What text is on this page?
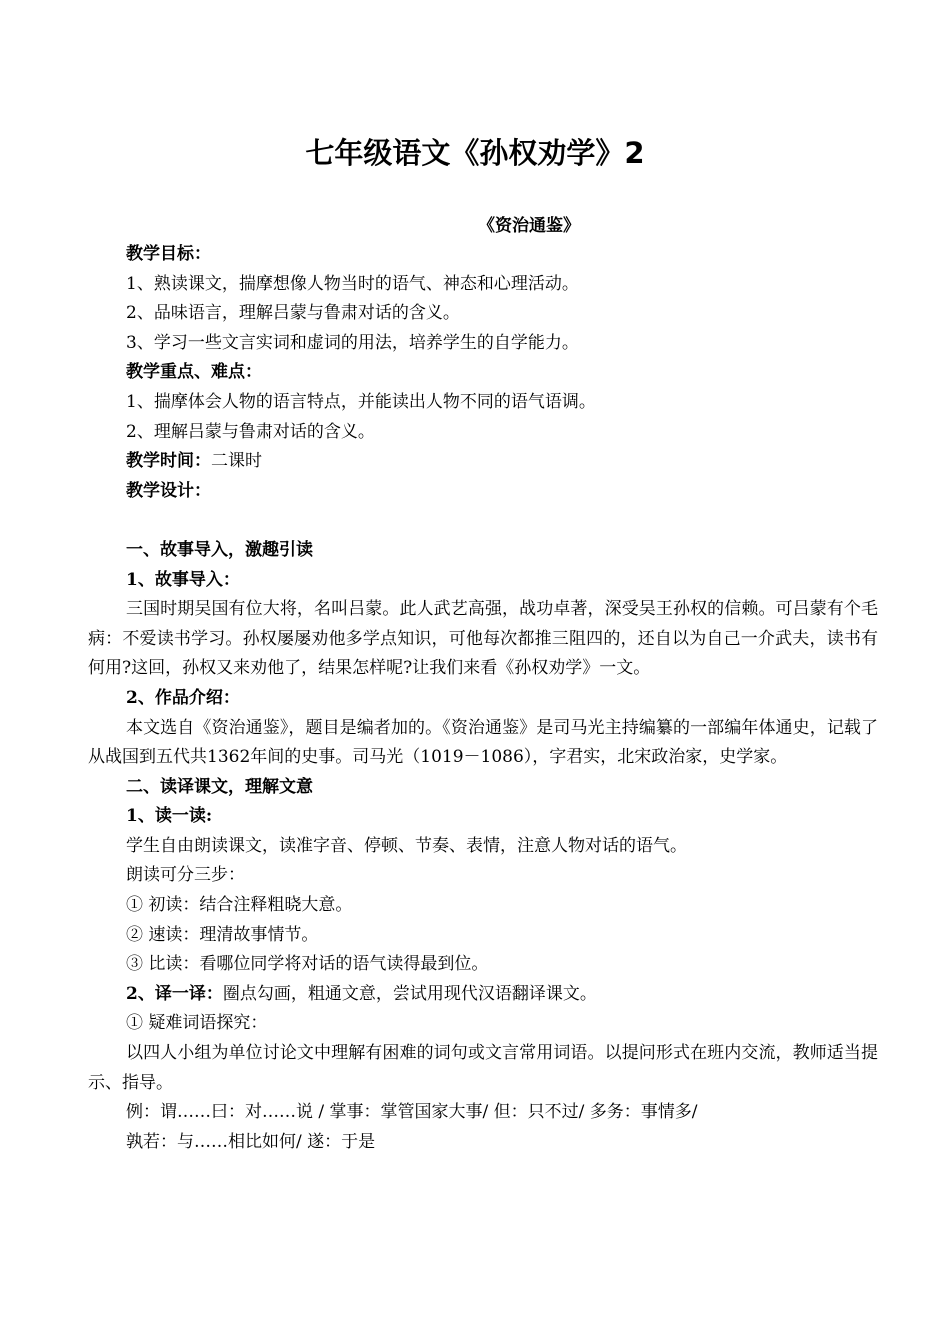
七年级语文《孙权劝学》2
《资治通鉴》

教学目标：

1、熟读课文，揣摩想像人物当时的语气、神态和心理活动。

2、品味语言，理解吕蒙与鲁肃对话的含义。

3、学习一些文言实词和虚词的用法，培养学生的自学能力。

教学重点、难点：

1、揣摩体会人物的语言特点，并能读出人物不同的语气语调。

2、理解吕蒙与鲁肃对话的含义。

教学时间：二课时

教学设计：

一、故事导入，激趣引读

1、故事导入：

三国时期吴国有位大将，名叫吕蒙。此人武艺高强，战功卓著，深受吴王孙权的信赖。可吕蒙有个毛病：不爱读书学习。孙权屡屡劝他多学点知识，可他每次都推三阻四的，还自以为自己一介武夫，读书有何用?这回，孙权又来劝他了，结果怎样呢?让我们来看《孙权劝学》一文。

2、作品介绍：

本文选自《资治通鉴》，题目是编者加的。《资治通鉴》是司马光主持编纂的一部编年体通史，记载了从战国到五代共1362年间的史事。司马光（1019－1086），字君实，北宋政治家，史学家。

二、读译课文，理解文意

1、读一读:

学生自由朗读课文，读准字音、停顿、节奏、表情，注意人物对话的语气。

朗读可分三步：

① 初读：结合注释粗晓大意。

② 速读：理清故事情节。

③ 比读：看哪位同学将对话的语气读得最到位。

2、译一译：圈点勾画，粗通文意，尝试用现代汉语翻译课文。

① 疑难词语探究：

以四人小组为单位讨论文中理解有困难的词句或文言常用词语。以提问形式在班内交流，教师适当提示、指导。

例：谓……曰：对……说 / 掌事：掌管国家大事/ 但：只不过/ 多务：事情多/

孰若：与……相比如何/ 遂：于是
